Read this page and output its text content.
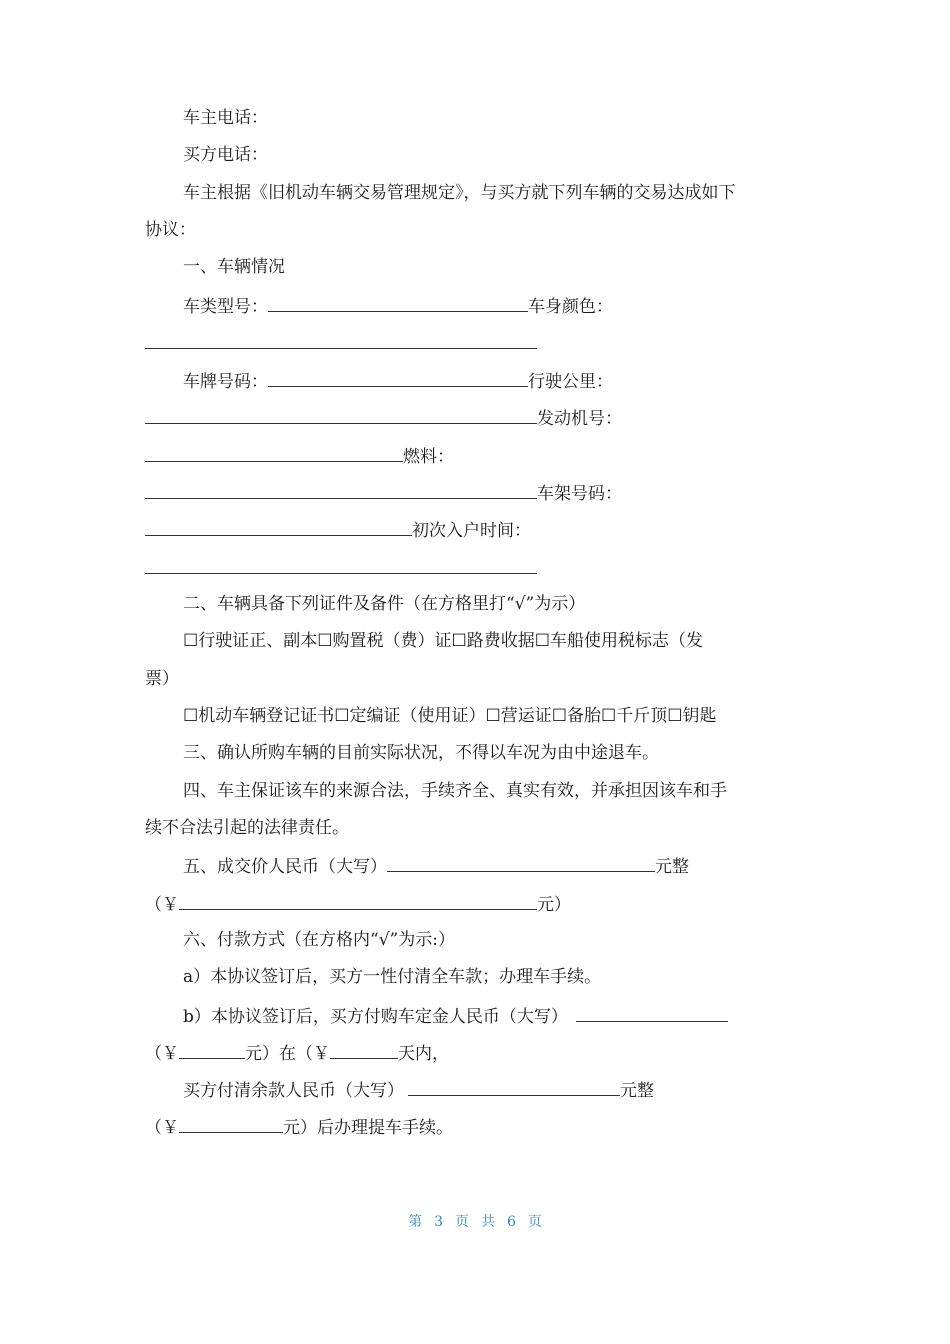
车主电话：
买方电话：
车主根据《旧机动车辆交易管理规定》，与买方就下列车辆的交易达成如下
协议：
一、车辆情况
车类型号：	车身颜色：
车牌号码：	行驶公里：
发动机号：
燃料：
车架号码：
初次入户时间：
二、车辆具备下列证件及备件（在方格里打“√”为示）
☐行驶证正、副本☐购置税（费）证☐路费收据☐车船使用税标志（发
票）
☐机动车辆登记证书☐定编证（使用证）☐营运证☐备胎☐千斤顶☐钥匙
三、确认所购车辆的目前实际状况，不得以车况为由中途退车。
四、车主保证该车的来源合法，手续齐全、真实有效，并承担因该车和手
续不合法引起的法律责任。
五、成交价人民币（大写）	元整
（￥	元）
六、付款方式（在方格内“√”为示:）
a）本协议签订后，买方一性付清全车款；办理车手续。
b）本协议签订后，买方付购车定金人民币（大写）
（￥	元）在（￥	天内，
买方付清余款人民币（大写）	元整
（￥	元）后办理提车手续。
第 3 页 共 6 页
